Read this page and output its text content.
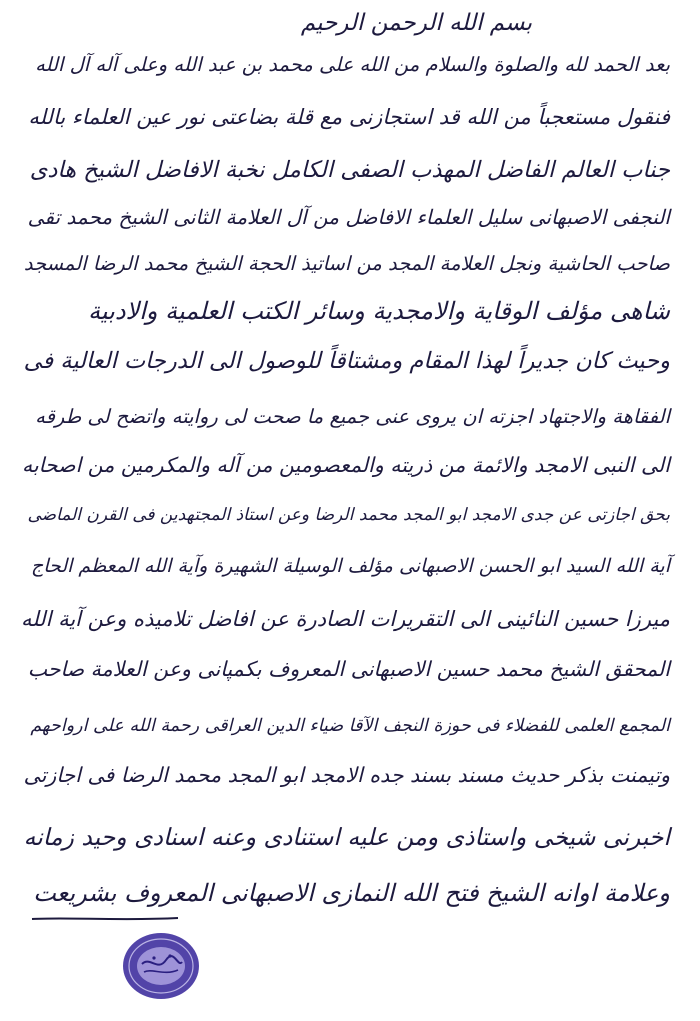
بسم الله الرحمن الرحیم
بعد الحمد لله والصلوة والسلام من الله علی محمد بن عبد الله وعلی آله آل الله
فنقول مستعجباً من الله قد استجازنی مع قلة بضاعتی نور عین العلماء بالله
جناب العالم الفاضل المهذب الصفی الکامل نخبة الافاضل الشیخ هادی
النجفی الاصبهانی سلیل العلماء الافاضل من آل العلامة الثانی الشیخ محمد تقی
صاحب الحاشیة ونجل العلامة المجد من اساتیذ الحجة الشیخ محمد الرضا المسجد
شاهی مؤلف الوقایة والامجدیة وسائر الکتب العلمیة والادبیة
وحیث کان جدیراً لهذا المقام ومشتاقاً للوصول الی الدرجات العالیة فی
الفقاهة والاجتهاد اجزته ان یروی عنی جمیع ما صحت لی روایته واتضح لی طرقه
الی النبی الامجد والائمة من ذریته والمعصومین من آله والمکرمین من اصحابه
بحق اجازتی عن جدی الامجد ابو المجد محمد الرضا وعن استاذ المجتهدین فی القرن الماضی
آیة الله السید ابو الحسن الاصبهانی مؤلف الوسیلة الشهیرة وآیة الله المعظم الحاج
میرزا حسین النائینی الی التقریرات الصادرة عن افاضل تلامیذه وعن آیة الله
المحقق الشیخ محمد حسین الاصبهانی المعروف بکمپانی وعن العلامة صاحب
المجمع العلمی للفضلاء فی حوزة النجف الآقا ضیاء الدین العراقی رحمة الله علی ارواحهم
وتیمنت بذکر حدیث مسند بسند جده الامجد ابو المجد محمد الرضا فی اجازتی
اخبرنی شیخی واستاذی ومن علیه استنادی وعنه اسنادی وحید زمانه
وعلامة اوانه الشیخ فتح الله النمازی الاصبهانی المعروف بشریعت
